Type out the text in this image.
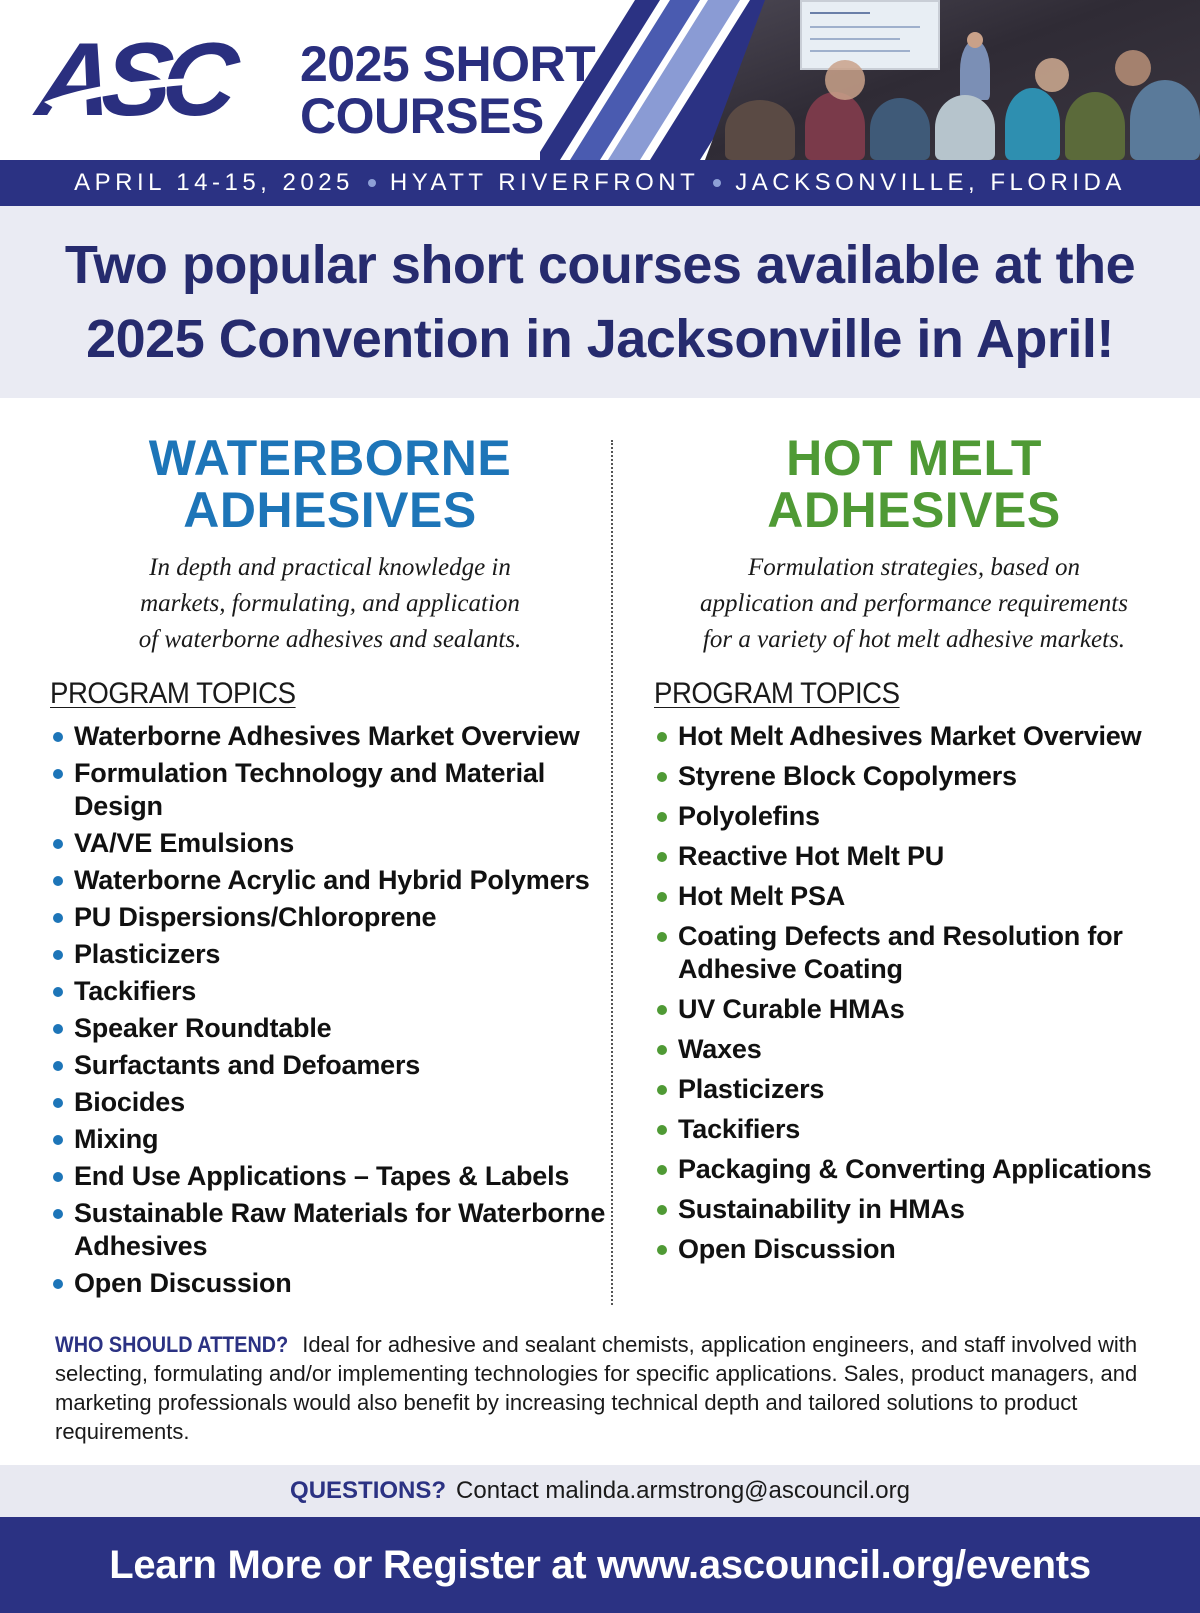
ASC 2025 SHORT
COURSES
APRIL 14-15, 2025 HYATT RIVERFRONT JACKSONVILLE, FLORIDA
Two popular short courses available at the
2025 Convention in Jacksonville in April!
WATERBORNE
ADHESIVES
In depth and practical knowledge in
markets, formulating, and application
of waterborne adhesives and sealants.
PROGRAM TOPICS
Waterborne Adhesives Market Overview
Formulation Technology and Material Design
VA/VE Emulsions
Waterborne Acrylic and Hybrid Polymers
PU Dispersions/Chloroprene
Plasticizers
Tackifiers
Speaker Roundtable
Surfactants and Defoamers
Biocides
Mixing
End Use Applications – Tapes & Labels
Sustainable Raw Materials for Waterborne Adhesives
Open Discussion
HOT MELT
ADHESIVES
Formulation strategies, based on
application and performance requirements
for a variety of hot melt adhesive markets.
PROGRAM TOPICS
Hot Melt Adhesives Market Overview
Styrene Block Copolymers
Polyolefins
Reactive Hot Melt PU
Hot Melt PSA
Coating Defects and Resolution for Adhesive Coating
UV Curable HMAs
Waxes
Plasticizers
Tackifiers
Packaging & Converting Applications
Sustainability in HMAs
Open Discussion
WHO SHOULD ATTEND? Ideal for adhesive and sealant chemists, application engineers, and staff involved with selecting, formulating and/or implementing technologies for specific applications. Sales, product managers, and marketing professionals would also benefit by increasing technical depth and tailored solutions to product requirements.
QUESTIONS? Contact malinda.armstrong@ascouncil.org
Learn More or Register at www.ascouncil.org/events
